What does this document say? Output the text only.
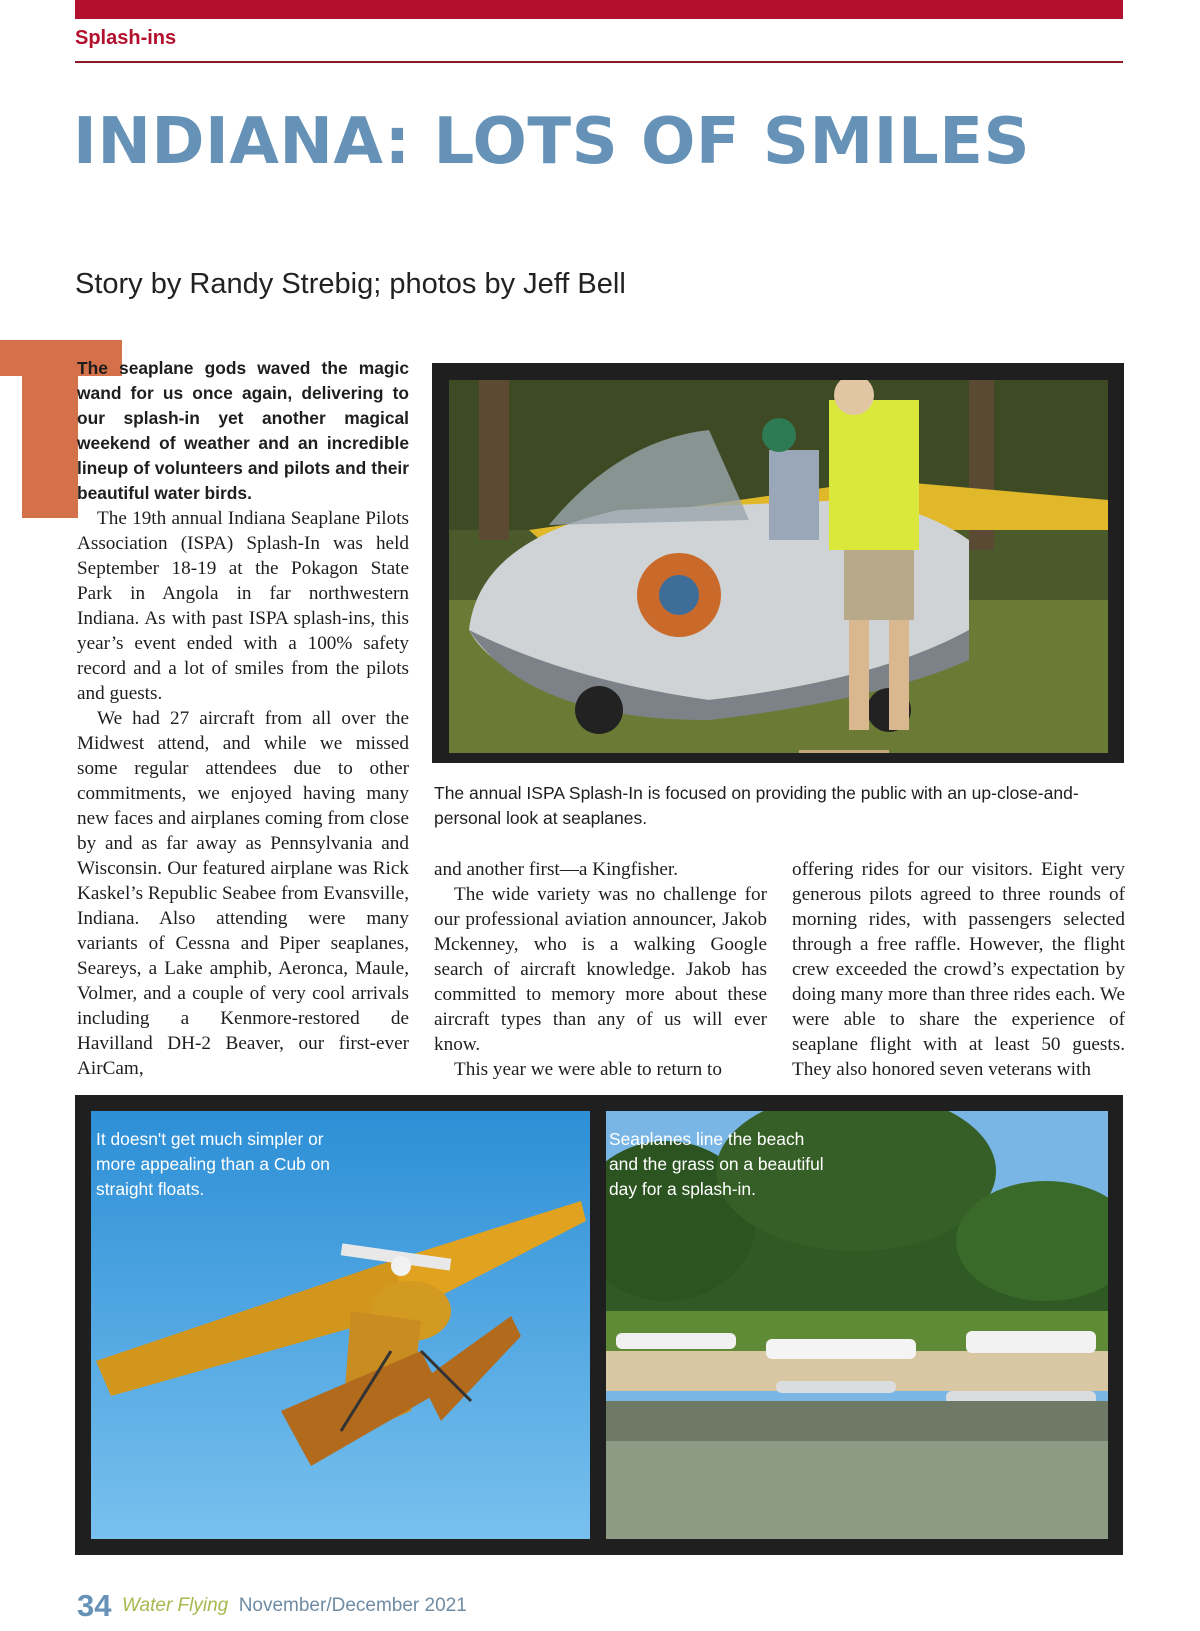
Splash-ins
INDIANA: LOTS OF SMILES
Story by Randy Strebig; photos by Jeff Bell

The seaplane gods waved the magic wand for us once again, delivering to our splash-in yet another magical weekend of weather and an incredible lineup of volunteers and pilots and their beautiful water birds.

The 19th annual Indiana Seaplane Pilots Association (ISPA) Splash-In was held September 18-19 at the Pokagon State Park in Angola in far northwestern Indiana. As with past ISPA splash-ins, this year’s event ended with a 100% safety record and a lot of smiles from the pilots and guests.

We had 27 aircraft from all over the Midwest attend, and while we missed some regular attendees due to other commitments, we enjoyed having many new faces and airplanes coming from close by and as far away as Pennsylvania and Wisconsin. Our featured airplane was Rick Kaskel’s Republic Seabee from Evansville, Indiana. Also attending were many variants of Cessna and Piper seaplanes, Seareys, a Lake amphib, Aeronca, Maule, Volmer, and a couple of very cool arrivals including a Kenmore-restored de Havilland DH-2 Beaver, our first-ever AirCam,

The annual ISPA Splash-In is focused on providing the public with an up-close-and-personal look at seaplanes.

and another first—a Kingfisher.

The wide variety was no challenge for our professional aviation announcer, Jakob Mckenney, who is a walking Google search of aircraft knowledge. Jakob has committed to memory more about these aircraft types than any of us will ever know.

This year we were able to return to

offering rides for our visitors. Eight very generous pilots agreed to three rounds of morning rides, with passengers selected through a free raffle. However, the flight crew exceeded the crowd’s expectation by doing many more than three rides each. We were able to share the experience of seaplane flight with at least 50 guests. They also honored seven veterans with

It doesn't get much simpler or more appealing than a Cub on straight floats.
Seaplanes line the beach and the grass on a beautiful day for a splash-in.
34 Water Flying November/December 2021
